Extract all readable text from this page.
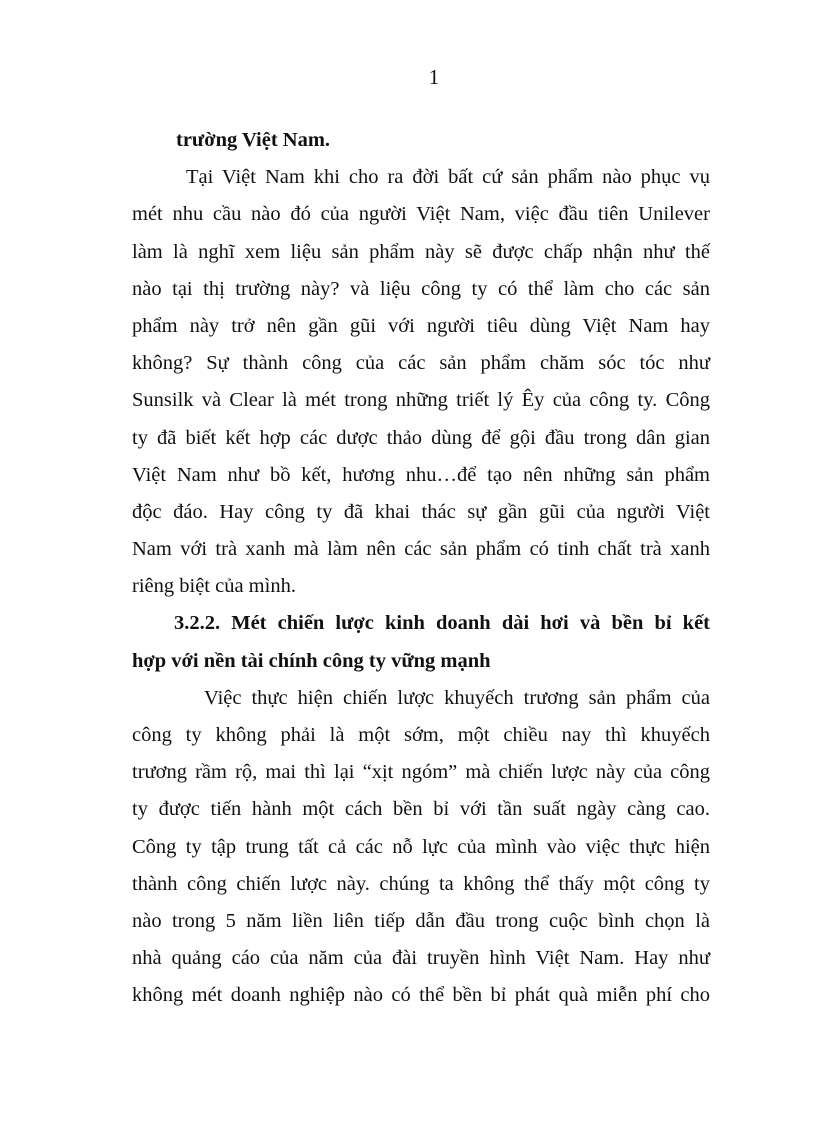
1
trường Việt Nam.
Tại Việt Nam khi cho ra đời bất cứ sản phẩm nào phục vụ
mét nhu cầu nào đó của người Việt Nam, việc đầu tiên Unilever
làm là nghĩ xem liệu sản phẩm này sẽ được chấp nhận như thế
nào tại thị trường này? và liệu công ty có thể làm cho các sản
phẩm này trở nên gần gũi với người tiêu dùng Việt Nam hay
không? Sự thành công của các sản phẩm chăm sóc tóc như
Sunsilk và Clear là mét trong những triết lý Êy của công ty. Công
ty đã biết kết hợp các dược thảo dùng để gội đầu trong dân gian
Việt Nam như bồ kết, hương nhu…để tạo nên những sản phẩm
độc đáo. Hay công ty đã khai thác sự gần gũi của người Việt
Nam với trà xanh mà làm nên các sản phẩm có tinh chất trà xanh
riêng biệt của mình.
3.2.2. Mét chiến lược kinh doanh dài hơi và bền bỉ kết
hợp với nền tài chính công ty vững mạnh
Việc thực hiện chiến lược khuyếch trương sản phẩm của
công ty không phải là một sớm, một chiều nay thì khuyếch
trương rầm rộ, mai thì lại “xịt ngóm” mà chiến lược này của công
ty được tiến hành một cách bền bỉ với tần suất ngày càng cao.
Công ty tập trung tất cả các nỗ lực của mình vào việc thực hiện
thành công chiến lược này. chúng ta không thể thấy một công ty
nào trong 5 năm liền liên tiếp dẫn đầu trong cuộc bình chọn là
nhà quảng cáo của năm của đài truyền hình Việt Nam. Hay như
không mét doanh nghiệp nào có thể bền bỉ phát quà miễn phí cho
